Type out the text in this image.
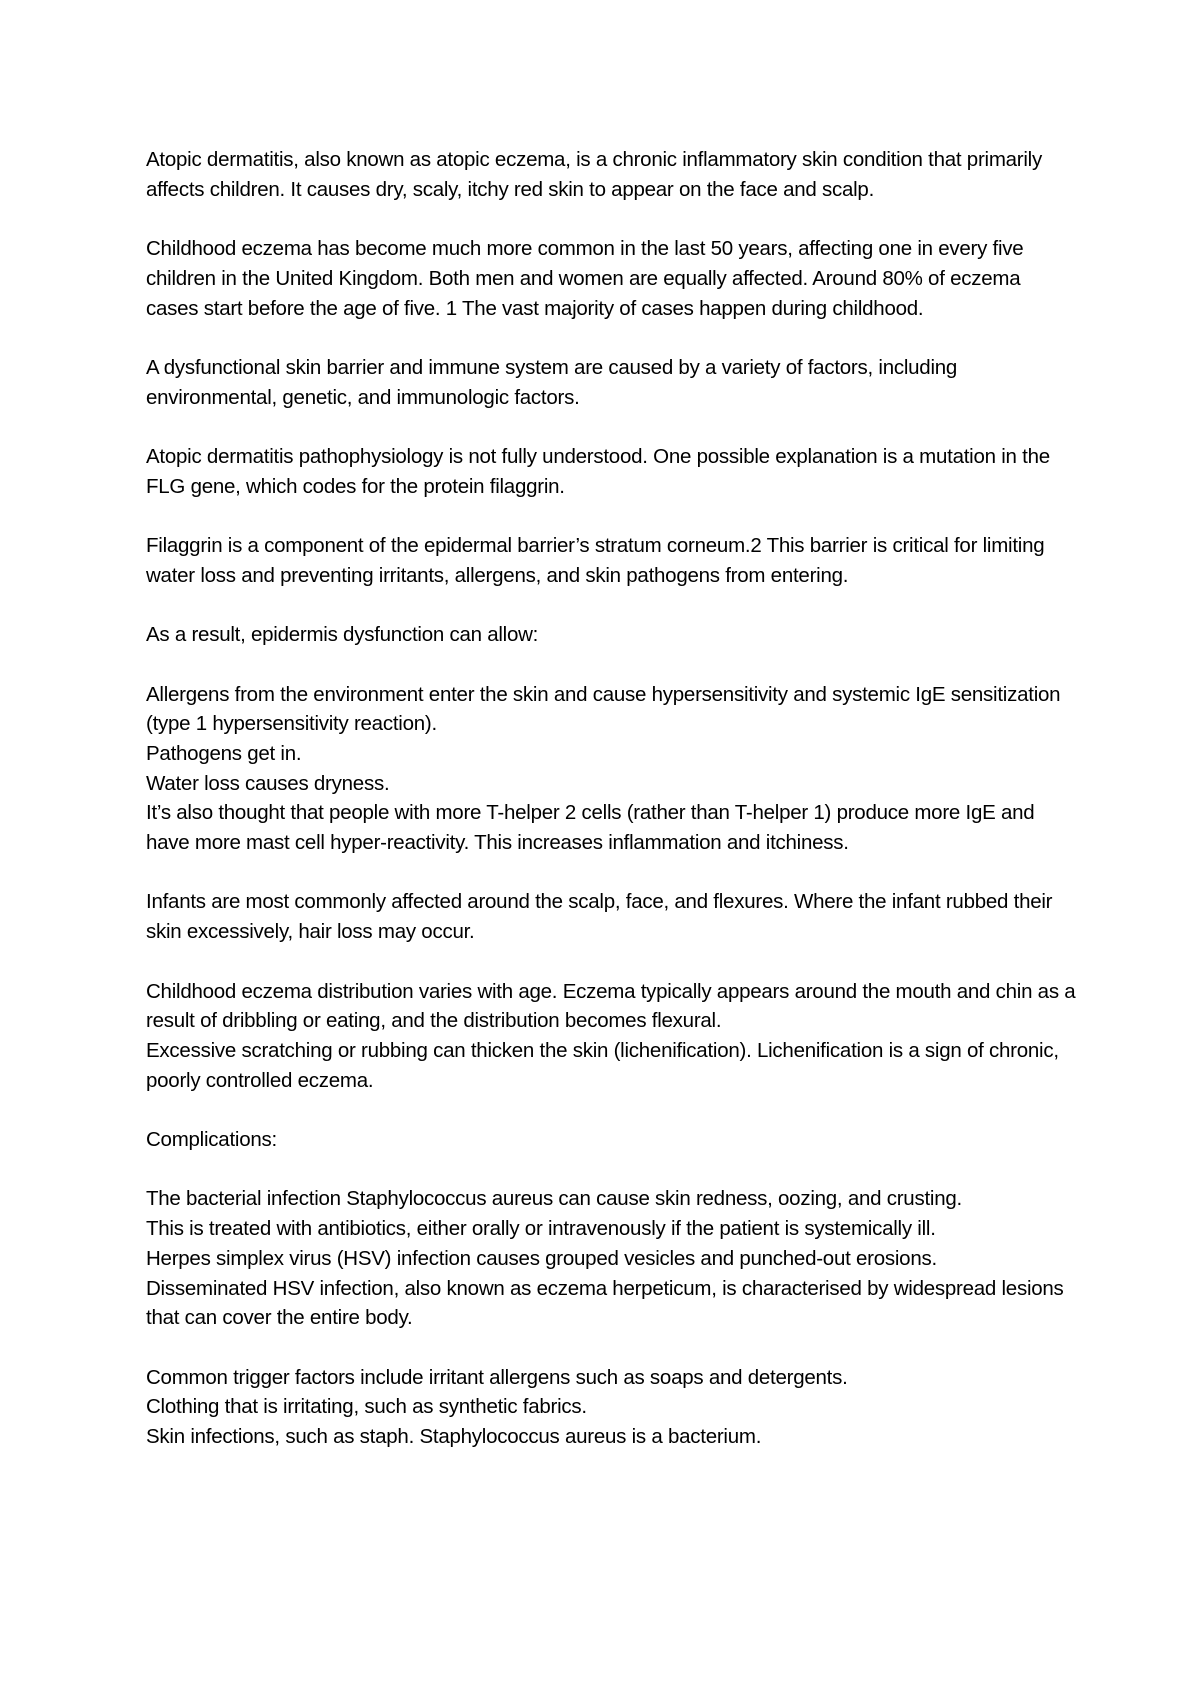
Atopic dermatitis, also known as atopic eczema, is a chronic inflammatory skin condition that primarily affects children. It causes dry, scaly, itchy red skin to appear on the face and scalp.

Childhood eczema has become much more common in the last 50 years, affecting one in every five children in the United Kingdom. Both men and women are equally affected. Around 80% of eczema cases start before the age of five. 1 The vast majority of cases happen during childhood.

A dysfunctional skin barrier and immune system are caused by a variety of factors, including environmental, genetic, and immunologic factors.

Atopic dermatitis pathophysiology is not fully understood. One possible explanation is a mutation in the FLG gene, which codes for the protein filaggrin.

Filaggrin is a component of the epidermal barrier’s stratum corneum.2 This barrier is critical for limiting water loss and preventing irritants, allergens, and skin pathogens from entering.

As a result, epidermis dysfunction can allow:

Allergens from the environment enter the skin and cause hypersensitivity and systemic IgE sensitization (type 1 hypersensitivity reaction).

Pathogens get in.

Water loss causes dryness.

It’s also thought that people with more T-helper 2 cells (rather than T-helper 1) produce more IgE and have more mast cell hyper-reactivity. This increases inflammation and itchiness.

Infants are most commonly affected around the scalp, face, and flexures. Where the infant rubbed their skin excessively, hair loss may occur.

Childhood eczema distribution varies with age. Eczema typically appears around the mouth and chin as a result of dribbling or eating, and the distribution becomes flexural.

Excessive scratching or rubbing can thicken the skin (lichenification). Lichenification is a sign of chronic, poorly controlled eczema.

Complications:

The bacterial infection Staphylococcus aureus can cause skin redness, oozing, and crusting.

This is treated with antibiotics, either orally or intravenously if the patient is systemically ill.

Herpes simplex virus (HSV) infection causes grouped vesicles and punched-out erosions.

Disseminated HSV infection, also known as eczema herpeticum, is characterised by widespread lesions that can cover the entire body.

Common trigger factors include irritant allergens such as soaps and detergents.

Clothing that is irritating, such as synthetic fabrics.

Skin infections, such as staph. Staphylococcus aureus is a bacterium.
